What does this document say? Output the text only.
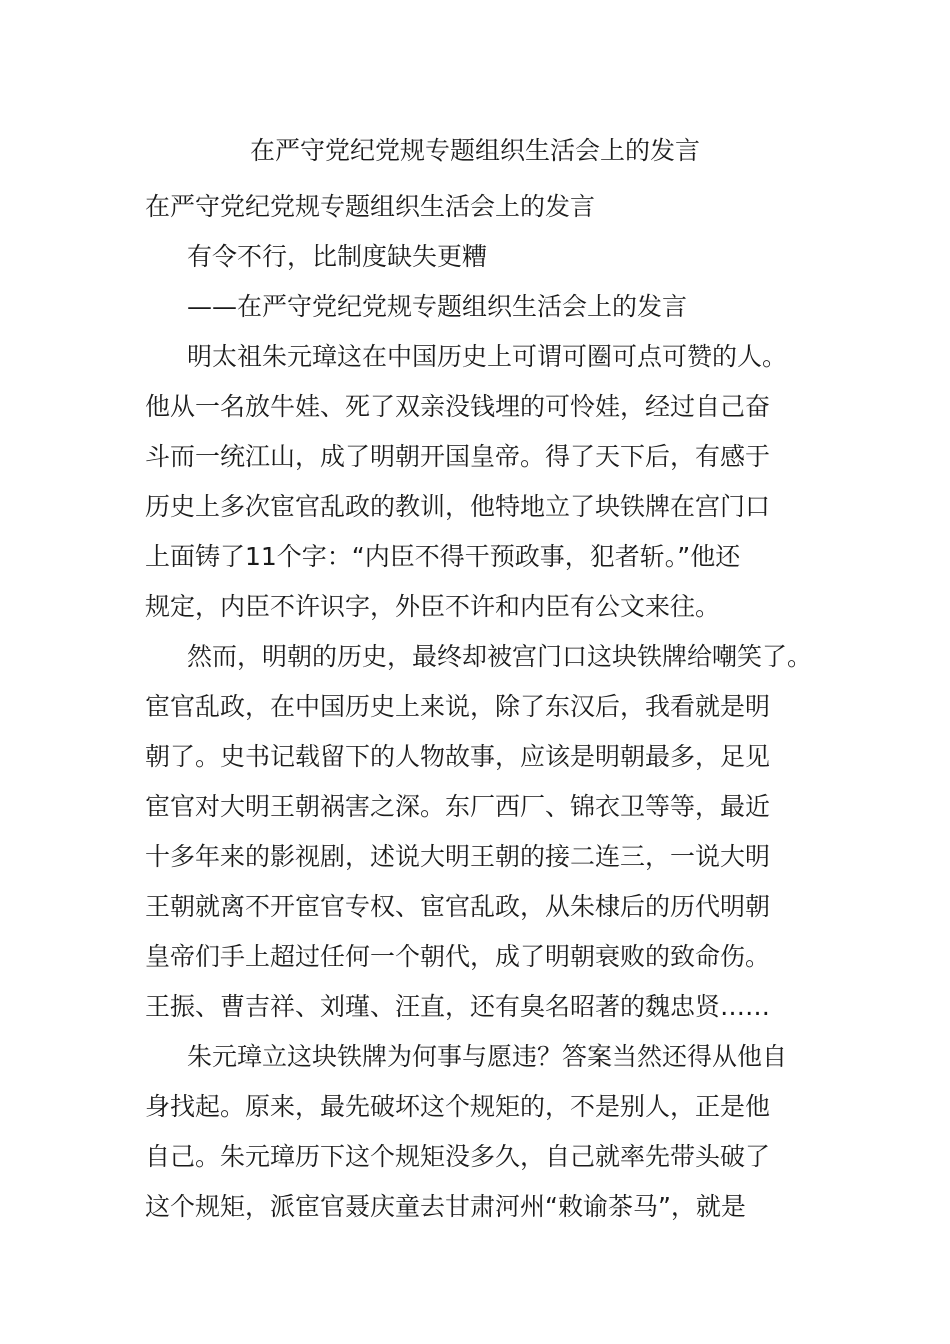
在严守党纪党规专题组织生活会上的发言
在严守党纪党规专题组织生活会上的发言
有令不行，比制度缺失更糟
——在严守党纪党规专题组织生活会上的发言
明太祖朱元璋这在中国历史上可谓可圈可点可赞的人。
他从一名放牛娃、死了双亲没钱埋的可怜娃，经过自己奋
斗而一统江山，成了明朝开国皇帝。得了天下后，有感于
历史上多次宦官乱政的教训，他特地立了块铁牌在宫门口
上面铸了11个字：“内臣不得干预政事，犯者斩。”他还
规定，内臣不许识字，外臣不许和内臣有公文来往。
然而，明朝的历史，最终却被宫门口这块铁牌给嘲笑了。
宦官乱政，在中国历史上来说，除了东汉后，我看就是明
朝了。史书记载留下的人物故事，应该是明朝最多，足见
宦官对大明王朝祸害之深。东厂西厂、锦衣卫等等，最近
十多年来的影视剧，述说大明王朝的接二连三，一说大明
王朝就离不开宦官专权、宦官乱政，从朱棣后的历代明朝
皇帝们手上超过任何一个朝代，成了明朝衰败的致命伤。
王振、曹吉祥、刘瑾、汪直，还有臭名昭著的魏忠贤……
朱元璋立这块铁牌为何事与愿违？答案当然还得从他自
身找起。原来，最先破坏这个规矩的，不是别人，正是他
自己。朱元璋历下这个规矩没多久，自己就率先带头破了
这个规矩，派宦官聂庆童去甘肃河州“敕谕茶马”，就是
